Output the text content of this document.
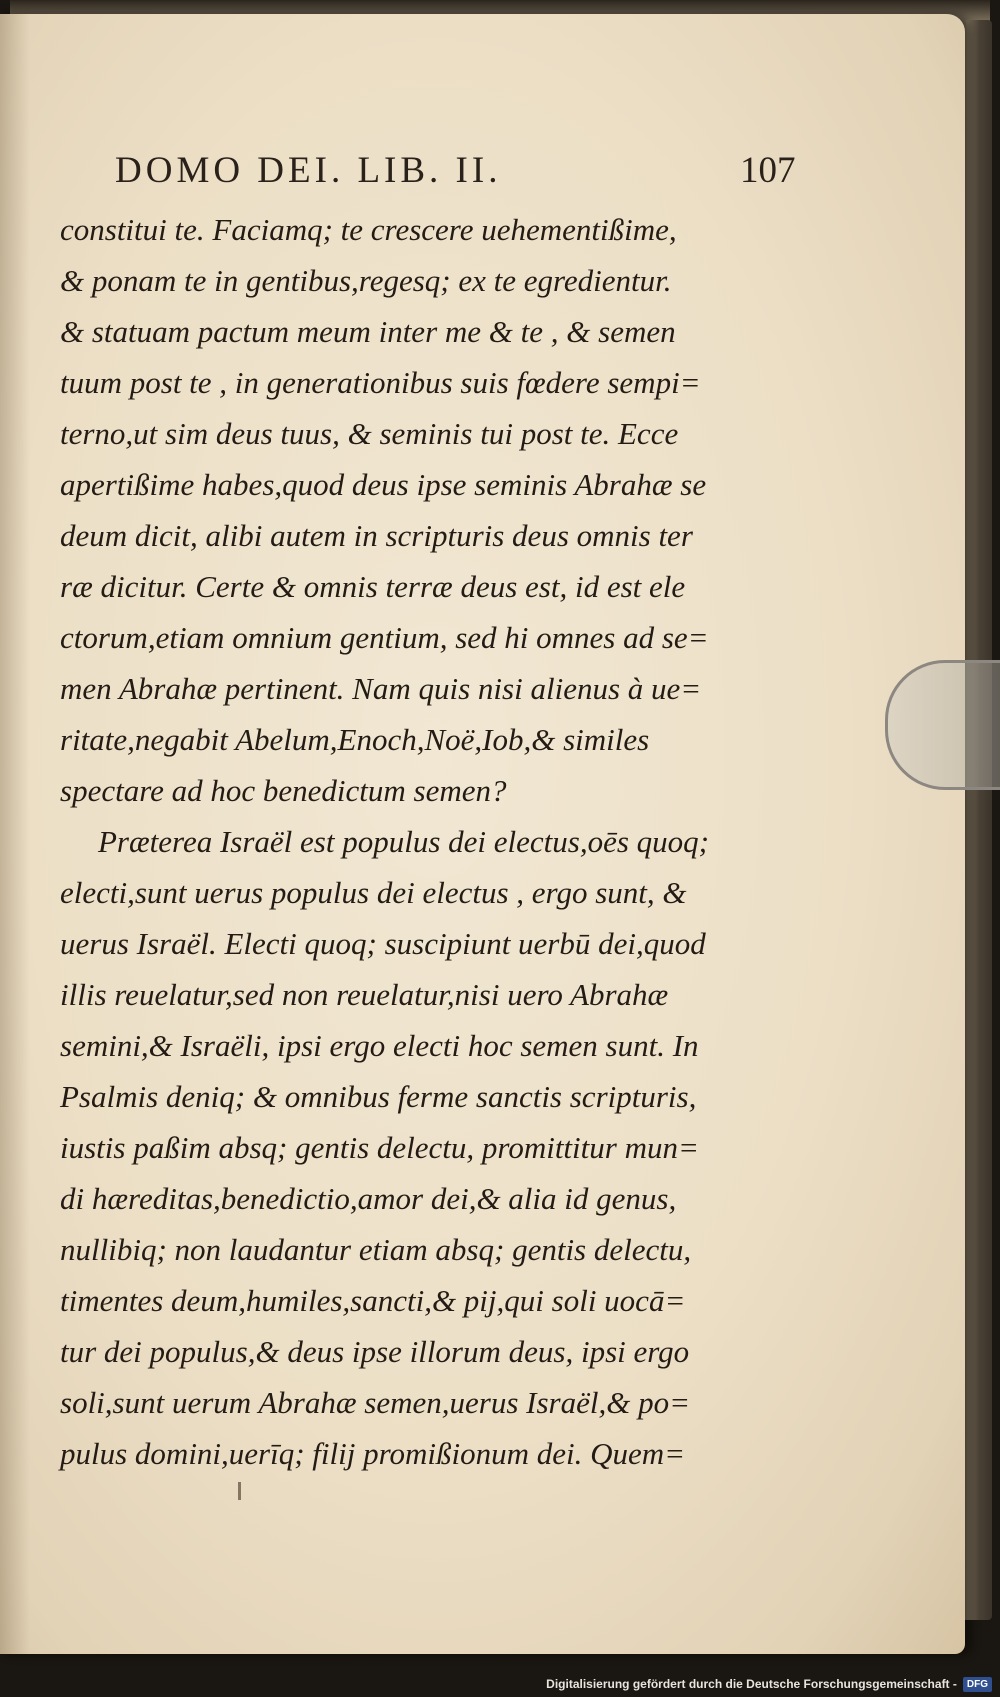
DOMO DEI. LIB. II.	107
constitui te. Faciamq; te crescere uehementißime,
& ponam te in gentibus,regesq; ex te egredientur.
& statuam pactum meum inter me & te , & semen
tuum post te , in generationibus suis fœdere sempi=
terno,ut sim deus tuus, & seminis tui post te. Ecce
apertißime habes,quod deus ipse seminis Abrahæ se
deum dicit, alibi autem in scripturis deus omnis ter
ræ dicitur. Certe & omnis terræ deus est, id est ele
ctorum,etiam omnium gentium, sed hi omnes ad se=
men Abrahæ pertinent. Nam quis nisi alienus à ue=
ritate,negabit Abelum,Enoch,Noë,Iob,& similes
spectare ad hoc benedictum semen?
Præterea Israël est populus dei electus,oēs quoq;
electi,sunt uerus populus dei electus , ergo sunt, &
uerus Israël. Electi quoq; suscipiunt uerbū dei,quod
illis reuelatur,sed non reuelatur,nisi uero Abrahæ
semini,& Israëli, ipsi ergo electi hoc semen sunt. In
Psalmis deniq; & omnibus ferme sanctis scripturis,
iustis paßim absq; gentis delectu, promittitur mun=
di hæreditas,benedictio,amor dei,& alia id genus,
nullibiq; non laudantur etiam absq; gentis delectu,
timentes deum,humiles,sancti,& pij,qui soli uocā=
tur dei populus,& deus ipse illorum deus, ipsi ergo
soli,sunt uerum Abrahæ semen,uerus Israël,& po=
pulus domini,uerīq; filij promißionum dei. Quem=
Digitalisierung gefördert durch die Deutsche Forschungsgemeinschaft -	DFG
